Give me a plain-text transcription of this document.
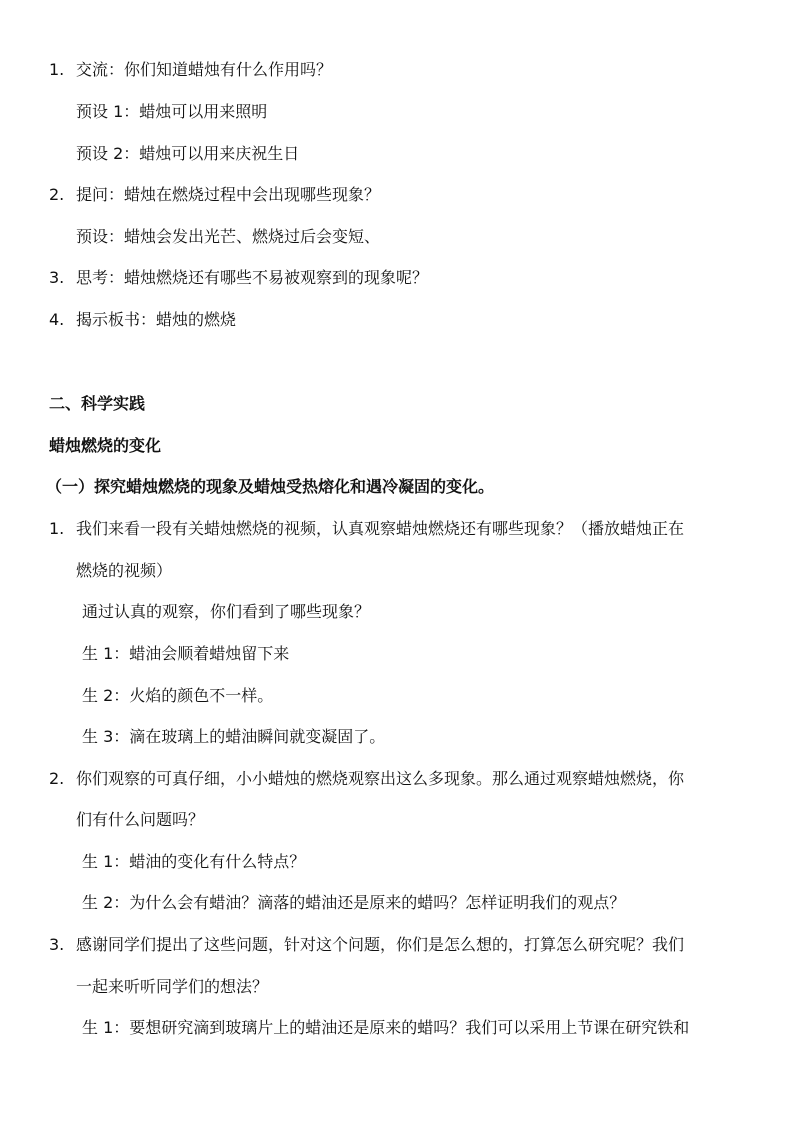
1. 交流：你们知道蜡烛有什么作用吗？
预设 1：蜡烛可以用来照明
预设 2：蜡烛可以用来庆祝生日
2. 提问：蜡烛在燃烧过程中会出现哪些现象？
预设：蜡烛会发出光芒、燃烧过后会变短、
3. 思考：蜡烛燃烧还有哪些不易被观察到的现象呢？
4. 揭示板书：蜡烛的燃烧
二、科学实践
蜡烛燃烧的变化
（一）探究蜡烛燃烧的现象及蜡烛受热熔化和遇冷凝固的变化。
1. 我们来看一段有关蜡烛燃烧的视频，认真观察蜡烛燃烧还有哪些现象？（播放蜡烛正在
燃烧的视频）
通过认真的观察，你们看到了哪些现象？
生 1：蜡油会顺着蜡烛留下来
生 2：火焰的颜色不一样。
生 3：滴在玻璃上的蜡油瞬间就变凝固了。
2. 你们观察的可真仔细，小小蜡烛的燃烧观察出这么多现象。那么通过观察蜡烛燃烧，你
们有什么问题吗？
生 1：蜡油的变化有什么特点？
生 2：为什么会有蜡油？滴落的蜡油还是原来的蜡吗？怎样证明我们的观点？
3. 感谢同学们提出了这些问题，针对这个问题，你们是怎么想的，打算怎么研究呢？我们
一起来听听同学们的想法？
生 1：要想研究滴到玻璃片上的蜡油还是原来的蜡吗？我们可以采用上节课在研究铁和
